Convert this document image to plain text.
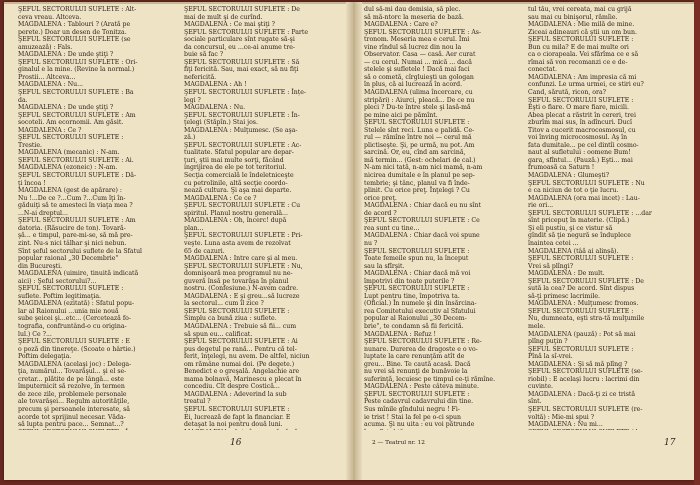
ŞEFUL SECTORULUI SUFLETE : Alt-
ceva vreau. Altceva.
MAGDALENA : Tablouri ? (Arată pe
perete.) Doar un desen de Tonitza.
ŞEFUL SECTORULUI SUFLETE (se
amuzează) : Fals.
MAGDALENA : De unde ştiţi ?
ŞEFUL SECTORULUI SUFLETE : Ori-
ginalul e la mine. (Revine la normal.)
Prostii... Altceva...
MAGDALENA : Nu...
ŞEFUL SECTORULUI SUFLETE : Ba
da.
MAGDALENA : De unde ştiţi ?
ŞEFUL SECTORULUI SUFLETE : Am
socoteli. Am ecornomii. Am găsit.
MAGDALENA : Ce ?
ŞEFUL SECTORULUI SUFLETE :
Trestie.
MAGDALENA (mecanic) : N-am.
ŞEFUL SECTORULUI SUFLETE : Ai.
MAGDALENA (ezoneic) : N-am.
ŞEFUL SECTORULUI SUFLETE : Dă-
ţi încoa !
MAGDALENA (gest de apărare) :
Nu !...De ce ?...Cum ?...Cum îţi în-
găduiţi să te amesteci în viaţa mea ?
...N-ai dreptul...
ŞEFUL SECTORULUI SUFLETE : Am
datoria. (Răsucire de ton). Tovară-
şă... e timpul, pare-mi-se, să mă pre-
zint. Nu-s nici tâlhar şi nici nebun.
Sînt şeful sectorului suflete de la Sfatul
popular raional „30 Decembrie"
din Bucureşti.
MAGDALENA (uimire, tinuită indicată
aici) : Şeful sectorului?...
ŞEFUL SECTORULUI SUFLETE :
suflete. Poftim legitimaţia.
MAGDALENA (ezitată) : Sfatul popu-
lar al Raionului ...unia mie nouă
sube şeicei şi...etc... (Cercetează fo-
tografia, confruntând-o cu origina-
lul.) Ce ?...
ŞEFUL SECTORULUI SUFLETE : E
o poză din tinereţe. (Scoate o hârtie.)
Poftim delegaţia.
MAGDALENA (acelaşi joc) : Delega-
ţia, numărul... Tovarăşul... şi el se-
cretar... plătite de pe lângă... este
împuternicit să rezolve, în termen
de zece zile, problemele personale
ale tovarăşei... Regulm autorităţile,
precum şi persoanele interesate, să
acorde tot sprijinul necesar. Văda-
să lupta pentru pace... Semnat...?
ŞEFUL SECTORULUI SUFLETE : De
mai de mult şi de curînd.
MAGDALENA : Ce mai ştiţi ?
ŞEFUL SECTORULUI SUFLETE : Parte
sociale particulare sînt rugate să-şi
da concursul, eu ...ce-ai anume tre-
buie să fac ?
ŞEFUL SECTORULUI SUFLETE : Să
fiţi fericită. Sau, mai exact, să nu fiţi
nefericită.
MAGDALENA : Ah !
ŞEFUL SECTORULUI SUFLETE : Înțe-
legi ?
MAGDALENA : Nu.
ŞEFUL SECTORULUI SUFLETE : În-
ţelegi (Stăpîn.) Stai jos.
MAGDALENA : Mulţumesc. (Se aşa-
ză.)
ŞEFUL SECTORULUI SUFLETE : Ac-
tualitate. Sfatul popular are depar-
ţuri, ştii mai multe sorţi, făcând
ingrijirea de ele pe tot teritoriul.
Secţia comercială le îndeletniceşte
cu petrolinile, altă secţie coordo-
nează cultura. Şi aşa mai departe.
MAGDALENA : Ce ce ?
ŞEFUL SECTORULUI SUFLETE : Cu
spiritul. Planul nostru generală...
MAGDALENA : Oh, încerc! după
plan...
ŞEFUL SECTORULUI SUFLETE : Pri-
veşte. Luna asta avem de rezolvat
65 de cazuri.
MAGDALENA : Intre care şi al meu.
ŞEFUL SECTORULUI SUFLETE : Nu,
domnişoară mea programul nu ne-
guveră însă pe tovarăşa în planul
nostru. (Confesiune.) N-avem cadre.
MAGDALENA : E şi greu...să lucreze
la sectorul... cum îl zice ?
ŞEFUL SECTORULUI SUFLETE :
Simplu ca bună ziua : suflete.
MAGDALENA : Trebuie să fii... cum
să spun eu... calificat.
ŞEFUL SECTORULUI SUFLETE : Ai
pus degetul pe rană... Pentru că tel-
ferit, înţelegi, nu avem. De altfel, niciun
om rămâne numai doi. (Pe degete.)
Benedict e o greşală. Angelachie are
mama bolnavă, Marinescu e plecat în
concediu. Cît despre Costică...
MAGDALENA : Adeverind la sub
treatul ?
ŞEFUL SECTORULUI SUFLETE :
Ei, lucrează de fapt la financiar. E
detaşat la noi pentru două luni.
16
dul să-mi dau demisia, să plec.
să mă-ntorc la meseria de bază.
MAGDALENA : Care e?
ŞEFUL SECTORULUI SUFLETE : As-
tronom. Meseria mea e cerul. Îmi
vine rîndul să lucrez din nou la
Observator. Casa — casă. Aer curat
— cu cerul. Numai ... mică ... dacă
stelele şi sufletele ! Dacă mai faci
să o cometă, cîrgluieşti un gologan
în plus, că ai lucrează în acord.
MAGDALENA (ulima încercare, cu
stripări) : Aiurci, pleacă... De ce nu
pleci ? Du-te între stele şi lasă-mă
pe mine aici pe pămînt.
ŞEFUL SECTORULUI SUFLETE :
Stelele sînt reci. Luna e palidă. Ce-
rul — rămîne între noi — cerul mă
plictiseşte. Şi, pe urmă, nu pot. Am
sarcină. Or, eu, cînd am sarcină,
mă termin... (Gest: ochelari de cal.)
N-am nici tată, n-am nici mamă, n-am
nicirea dumitale e în planul pe sep-
tembrie; şi tânc, planul va fi înde-
plinit. Cu orice preţ. Înţelegi ? Cu
orice preţ.
MAGDALENA : Chiar dacă eu nu sînt
de acord ?
ŞEFUL SECTORULUI SUFLETE : Ce
rea sunt cu tine...
MAGDALENA : Chiar dacă voi spune
nu ?
ŞEFUL SECTORULUI SUFLETE :
Toate femeile spun nu, la început
sau la sfîrşit.
MAGDALENA : Chiar dacă mă voi
împotrivi din toate puterile ?
ŞEFUL SECTORULUI SUFLETE :
Lupt pentru tine, împotriva ta.
(Oficial.) În numele şi din însărcina-
rea Comitetului executiv al Sfatului
popular al Raionului „30 Decem-
brie", te condamn să fii fericită.
MAGDALENA : Refuz !
ŞEFUL SECTORULUI SUFLETE : Re-
nunare. Durerea de dragoste e o vo-
luptate la care renunţăm atît de
greu... Bine. Te caută acasă. Dacă
nu vrei să renunţi de bunăvoie la
suferinţă, lecuiesc pe timpul ce-ţi rămîne.
MAGDALENA : Peste câteva minute.
ŞEFUL SECTORULUI SUFLETE :
Peste cadavrul cadavrului din tine.
Sus mînile gîndului negru ! Fi-
ie trist ! Stai la fel pe o-ci spun
acuma. Şi nu uita : eu voi pătrunde
tul tău, vrei cereata, mai cu grijă
sau mai cu binişorul, rămîie.
MAGDALENA : Mie milă de mine.
Ziceai adineauri că ştii un om bun.
ŞEFUL SECTORULUI SUFLETE :
Bun cu mila? E de mai multe ori
ca o ciorapeala. Vei sfărîma ce e să
rîmai să von recomanzi ce e de-
conectat.
MAGDALENA : Am impresia că mi
confunzi. Le urma urmei, ce stiri eu?
Cand, sărută, ricon, ora?
ŞEFUL SECTORULUI SUFLETE :
Eşti o fiare. O mare fiare, micili.
Abea plecat a răstrit în cereri, trei
zburîm mai sus, în adîncuri. Ducî
Titov a cucerit macrocosmosul, cu
voi înving microcosmosul. Aş în
fata dumitale... pe cel dintîi cosmo-
naut al sufletului : oomene Bum!
gara, sfîntul... (Pauză.) Eşti... mai
frumoasă ca Saturn !
MAGDALENA : Glumeşti?
ŞEFUL SECTORULUI SUFLETE : Nu
e ca niciun de tot o ţie lucru.
MAGDALENA (ora mai incet) : Lau-
rie ori...
ŞEFUL SECTORULUI SUFLETE : ...dar
sînt pricepuț în materie. (Clipă.)
Şi eli pustiu, şi ce vistur să
gîndit să ţie negură se înduplece
înaintea cetei ...
MAGDALENA (tâă ai alinșă).
ŞEFUL SECTORULUI SUFLETE :
Vrei să plîngi?
MAGDALENA : De mult.
ŞEFUL SECTORULUI SUFLETE : De
sută la cea? De acord. Sînt dispus
să-ţi primesc lacrimile.
MAGDALENA : Mulţumesc fromos.
ŞEFUL SECTORULUI SUFLETE :
Nu, dumneata, eşti stra-tă mulţumile
mele.
MAGDALENA (pauză) : Pot să mai
plîng puţin ?
ŞEFUL SECTORULUI SUFLETE :
Pînă la sî-vrei.
MAGDALENA : Şi să mă plîng ?
ŞEFUL SECTORULUI SUFLETE (se-
riobil) : E acelaşi lucru : lacrimi din
cuvinte.
MAGDALENA : Dacă-ţi zi ce tristă
sînt.
ŞEFUL SECTORULUI SUFLETE (re-
voltă) : Mie-mi spui ?
MAGDALENA : Nu mi...
2 — Teatrul nr. 12	17
